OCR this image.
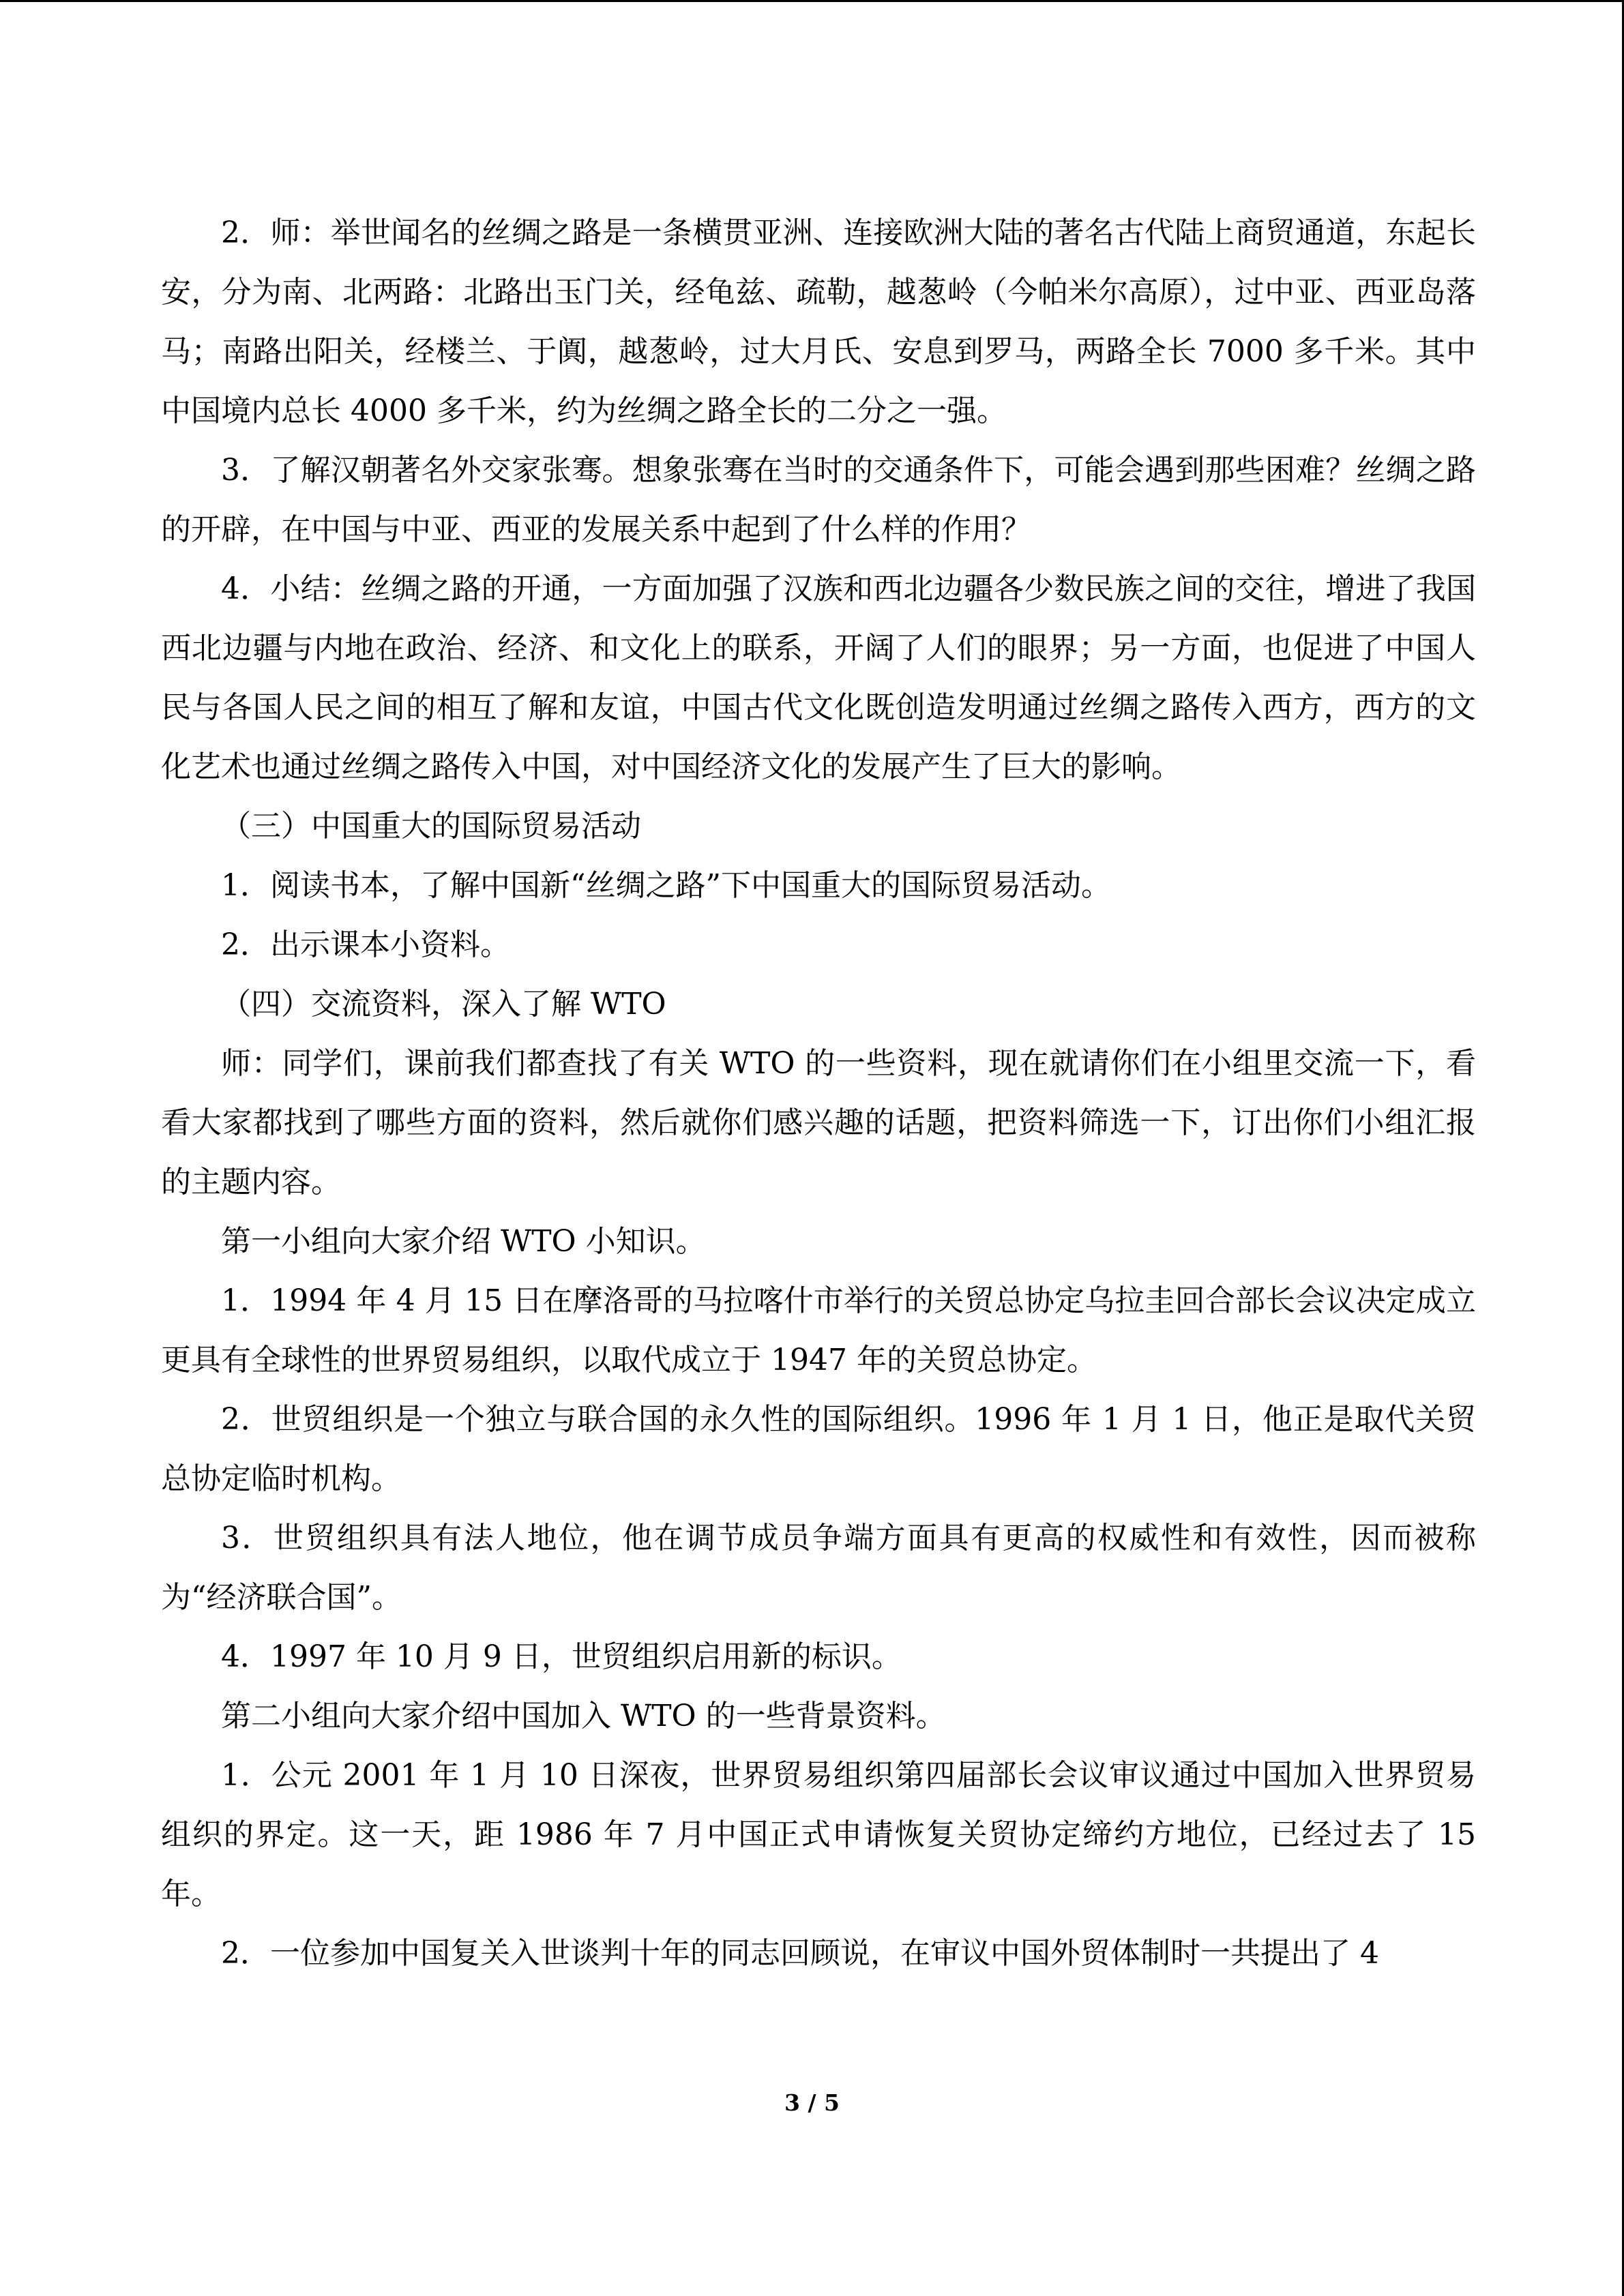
2．师：举世闻名的丝绸之路是一条横贯亚洲、连接欧洲大陆的著名古代陆上商贸通道，东起长安，分为南、北两路：北路出玉门关，经龟兹、疏勒，越葱岭（今帕米尔高原），过中亚、西亚岛落马；南路出阳关，经楼兰、于阗，越葱岭，过大月氏、安息到罗马，两路全长 7000 多千米。其中中国境内总长 4000 多千米，约为丝绸之路全长的二分之一强。

3．了解汉朝著名外交家张骞。想象张骞在当时的交通条件下，可能会遇到那些困难？丝绸之路的开辟，在中国与中亚、西亚的发展关系中起到了什么样的作用？

4．小结：丝绸之路的开通，一方面加强了汉族和西北边疆各少数民族之间的交往，增进了我国西北边疆与内地在政治、经济、和文化上的联系，开阔了人们的眼界；另一方面，也促进了中国人民与各国人民之间的相互了解和友谊，中国古代文化既创造发明通过丝绸之路传入西方，西方的文化艺术也通过丝绸之路传入中国，对中国经济文化的发展产生了巨大的影响。

（三）中国重大的国际贸易活动

1．阅读书本，了解中国新“丝绸之路”下中国重大的国际贸易活动。

2．出示课本小资料。

（四）交流资料，深入了解 WTO

师：同学们，课前我们都查找了有关 WTO 的一些资料，现在就请你们在小组里交流一下，看看大家都找到了哪些方面的资料，然后就你们感兴趣的话题，把资料筛选一下，订出你们小组汇报的主题内容。

第一小组向大家介绍 WTO 小知识。

1．1994 年 4 月 15 日在摩洛哥的马拉喀什市举行的关贸总协定乌拉圭回合部长会议决定成立更具有全球性的世界贸易组织，以取代成立于 1947 年的关贸总协定。

2．世贸组织是一个独立与联合国的永久性的国际组织。1996 年 1 月 1 日，他正是取代关贸总协定临时机构。

3．世贸组织具有法人地位，他在调节成员争端方面具有更高的权威性和有效性，因而被称为“经济联合国”。

4．1997 年 10 月 9 日，世贸组织启用新的标识。

第二小组向大家介绍中国加入 WTO 的一些背景资料。

1．公元 2001 年 1 月 10 日深夜，世界贸易组织第四届部长会议审议通过中国加入世界贸易组织的界定。这一天，距 1986 年 7 月中国正式申请恢复关贸协定缔约方地位，已经过去了 15 年。

2．一位参加中国复关入世谈判十年的同志回顾说，在审议中国外贸体制时一共提出了 4

3 / 5
